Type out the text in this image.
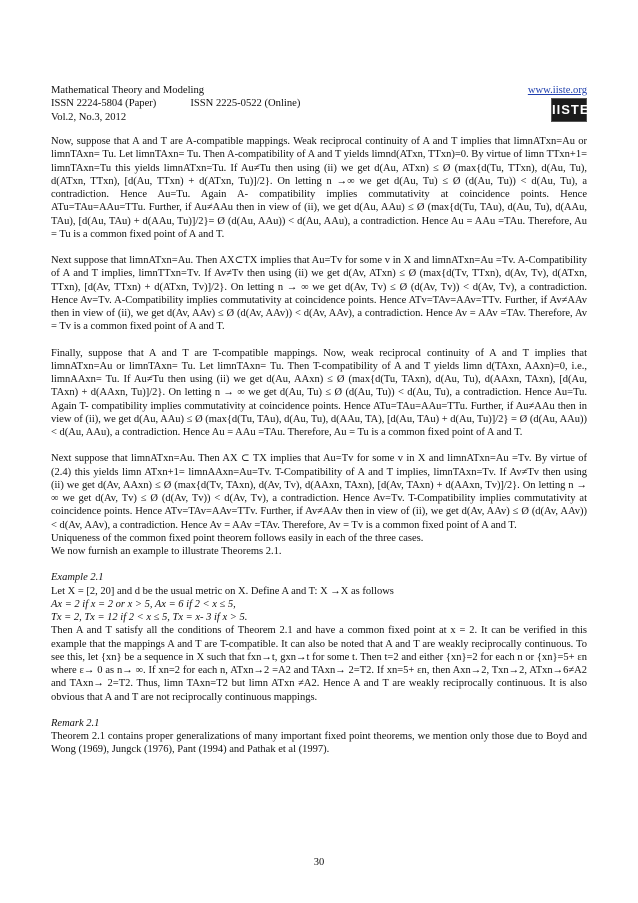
Mathematical Theory and Modeling	www.iiste.org
ISSN 2224-5804 (Paper)	ISSN 2225-0522 (Online)
Vol.2, No.3, 2012
IISTE

Now, suppose that A and T are A-compatible mappings. Weak reciprocal continuity of A and T implies that limnATxn=Au or limnTAxn= Tu. Let limnTAxn= Tu. Then A-compatibility of A and T yields limnd(ATxn, TTxn)=0. By virtue of limn TTxn+1= limnTAxn=Tu this yields limnATxn=Tu. If Au≠Tu then using (ii) we get d(Au, ATxn) ≤ Ø (max{d(Tu, TTxn), d(Au, Tu), d(ATxn, TTxn), [d(Au, TTxn) + d(ATxn, Tu)]/2}. On letting n →∞ we get d(Au, Tu) ≤ Ø (d(Au, Tu)) < d(Au, Tu), a contradiction. Hence Au=Tu. Again A- compatibility implies commutativity at coincidence points. Hence ATu=TAu=AAu=TTu. Further, if Au≠AAu then in view of (ii), we get d(Au, AAu) ≤ Ø (max{d(Tu, TAu), d(Au, Tu), d(AAu, TAu), [d(Au, TAu) + d(AAu, Tu)]/2}= Ø (d(Au, AAu)) < d(Au, AAu), a contradiction. Hence Au = AAu =TAu. Therefore, Au = Tu is a common fixed point of A and T.

Next suppose that limnATxn=Au. Then AX⊂TX implies that Au=Tv for some v in X and limnATxn=Au =Tv. A-Compatibility of A and T implies, limnTTxn=Tv. If Av≠Tv then using (ii) we get d(Av, ATxn) ≤ Ø (max{d(Tv, TTxn), d(Av, Tv), d(ATxn, TTxn), [d(Av, TTxn) + d(ATxn, Tv)]/2}. On letting n → ∞ we get d(Av, Tv) ≤ Ø (d(Av, Tv)) < d(Av, Tv), a contradiction. Hence Av=Tv. A-Compatibility implies commutativity at coincidence points. Hence ATv=TAv=AAv=TTv. Further, if Av≠AAv then in view of (ii), we get d(Av, AAv) ≤ Ø (d(Av, AAv)) < d(Av, AAv), a contradiction. Hence Av = AAv =TAv. Therefore, Av = Tv is a common fixed point of A and T.

Finally, suppose that A and T are T-compatible mappings. Now, weak reciprocal continuity of A and T implies that limnATxn=Au or limnTAxn= Tu. Let limnTAxn= Tu. Then T-compatibility of A and T yields limn d(TAxn, AAxn)=0, i.e., limnAAxn= Tu. If Au≠Tu then using (ii) we get d(Au, AAxn) ≤ Ø (max{d(Tu, TAxn), d(Au, Tu), d(AAxn, TAxn), [d(Au, TAxn) + d(AAxn, Tu)]/2}. On letting n → ∞ we get d(Au, Tu) ≤ Ø (d(Au, Tu)) < d(Au, Tu), a contradiction. Hence Au=Tu. Again T- compatibility implies commutativity at coincidence points. Hence ATu=TAu=AAu=TTu. Further, if Au≠AAu then in view of (ii), we get d(Au, AAu) ≤ Ø (max{d(Tu, TAu), d(Au, Tu), d(AAu, TA), [d(Au, TAu) + d(Au, Tu)]/2} = Ø (d(Au, AAu)) < d(Au, AAu), a contradiction. Hence Au = AAu =TAu. Therefore, Au = Tu is a common fixed point of A and T.

Next suppose that limnATxn=Au. Then AX ⊂ TX implies that Au=Tv for some v in X and limnATxn=Au =Tv. By virtue of (2.4) this yields limn ATxn+1= limnAAxn=Au=Tv. T-Compatibility of A and T implies, limnTAxn=Tv. If Av≠Tv then using (ii) we get d(Av, AAxn) ≤ Ø (max{d(Tv, TAxn), d(Av, Tv), d(AAxn, TAxn), [d(Av, TAxn) + d(AAxn, Tv)]/2}. On letting n → ∞ we get d(Av, Tv) ≤ Ø (d(Av, Tv)) < d(Av, Tv), a contradiction. Hence Av=Tv. T-Compatibility implies commutativity at coincidence points. Hence ATv=TAv=AAv=TTv. Further, if Av≠AAv then in view of (ii), we get d(Av, AAv) ≤ Ø (d(Av, AAv)) < d(Av, AAv), a contradiction. Hence Av = AAv =TAv. Therefore, Av = Tv is a common fixed point of A and T.

Uniqueness of the common fixed point theorem follows easily in each of the three cases.

We now furnish an example to illustrate Theorems 2.1.

Example 2.1

Let X = [2, 20] and d be the usual metric on X. Define A and T: X →X as follows

Ax = 2 if x = 2 or x > 5, Ax = 6 if 2 < x ≤ 5,

Tx = 2, Tx = 12 if 2 < x ≤ 5, Tx = x- 3 if x > 5.

Then A and T satisfy all the conditions of Theorem 2.1 and have a common fixed point at x = 2. It can be verified in this example that the mappings A and T are T-compatible. It can also be noted that A and T are weakly reciprocally continuous. To see this, let {xn} be a sequence in X such that fxn→t, gxn→t for some t. Then t=2 and either {xn}=2 for each n or {xn}=5+ εn where ε→ 0 as n→ ∞. If xn=2 for each n, ATxn→2 =A2 and TAxn→ 2=T2. If xn=5+ εn, then Axn→2, Txn→2, ATxn→6≠A2 and TAxn→ 2=T2. Thus, limn TAxn=T2 but limn ATxn ≠A2. Hence A and T are weakly reciprocally continuous. It is also obvious that A and T are not reciprocally continuous mappings.

Remark 2.1

Theorem 2.1 contains proper generalizations of many important fixed point theorems, we mention only those due to Boyd and Wong (1969), Jungck (1976), Pant (1994) and Pathak et al (1997).

30
